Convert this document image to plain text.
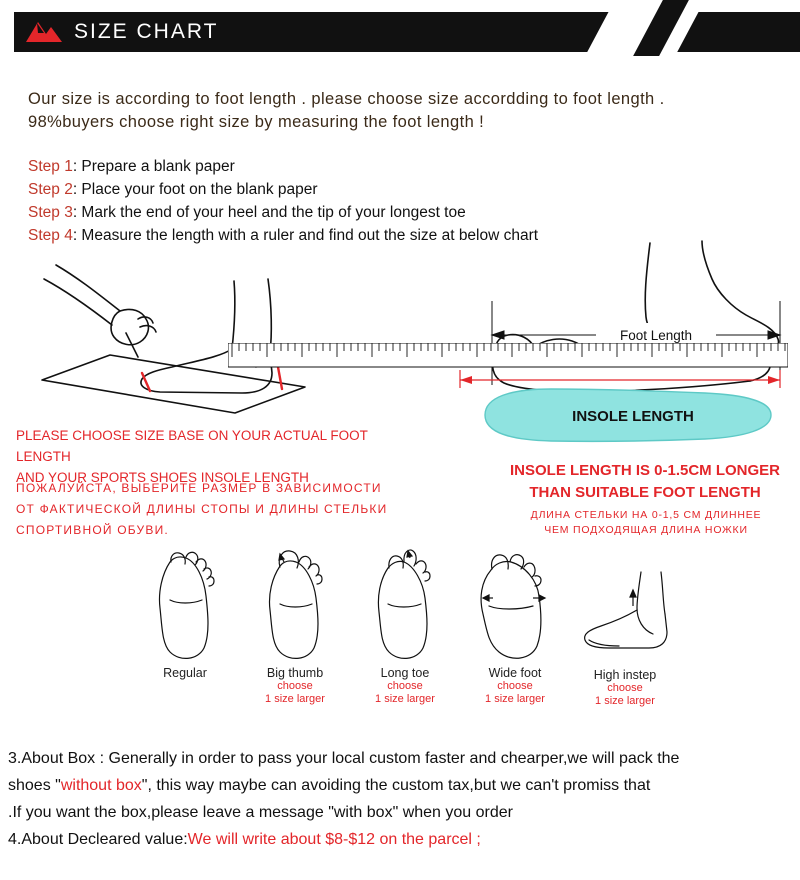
SIZE CHART
Our size is according to foot length . please choose size accordding to foot length .
98%buyers choose right size by measuring the foot length !
Step 1: Prepare a blank paper
Step 2: Place your foot on the blank paper
Step 3: Mark the end of your heel and the tip of your longest toe
Step 4: Measure the length with a ruler and find out the size at below chart
Foot Length
INSOLE LENGTH
PLEASE CHOOSE SIZE BASE ON YOUR ACTUAL FOOT LENGTH
AND YOUR SPORTS SHOES INSOLE LENGTH
ПОЖАЛУЙСТА, ВЫБЕРИТЕ РАЗМЕР В ЗАВИСИМОСТИ
ОТ ФАКТИЧЕСКОЙ ДЛИНЫ СТОПЫ И ДЛИНЫ СТЕЛЬКИ
СПОРТИВНОЙ ОБУВИ.
INSOLE LENGTH IS 0-1.5CM LONGER
THAN SUITABLE FOOT LENGTH
ДЛИНА СТЕЛЬКИ НА 0-1,5 СМ ДЛИННЕЕ
ЧЕМ ПОДХОДЯЩАЯ ДЛИНА НОЖКИ
Regular	Big thumb
choose
1 size larger
Long toe
choose
1 size larger
Wide foot
choose
1 size larger
High instep
choose
1 size larger
3.About Box : Generally in order to pass your local custom faster and chearper,we will pack the
shoes "without box", this way maybe can avoiding the custom tax,but we can't promiss that
.If you want the box,please leave a message "with box" when you order
4.About Decleared value:We will write about $8-$12 on the parcel ;
